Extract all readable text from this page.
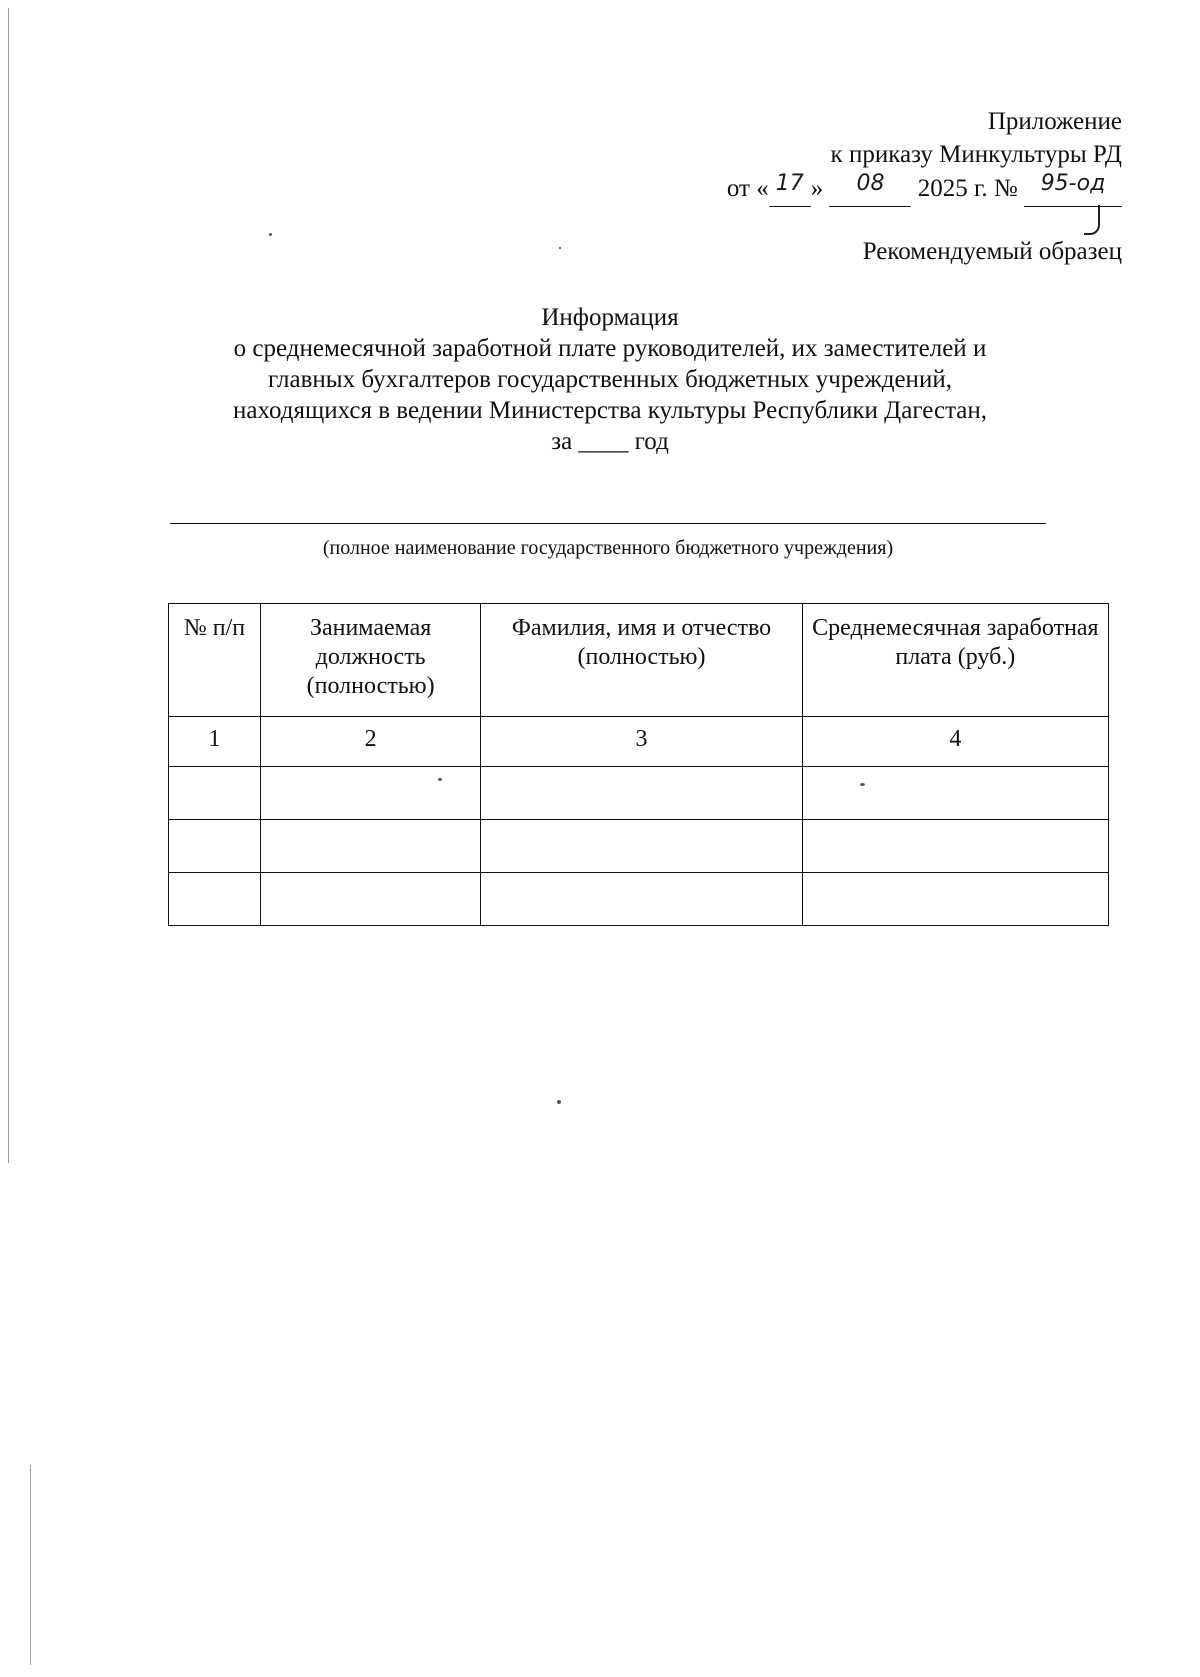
Приложение
к приказу Минкультуры РД
от « 17 » 08 2025 г. № 95-од
Рекомендуемый образец
Информация
о среднемесячной заработной плате руководителей, их заместителей и
главных бухгалтеров государственных бюджетных учреждений,
находящихся в ведении Министерства культуры Республики Дагестан,
за ____ год
(полное наименование государственного бюджетного учреждения)
№ п/п	Занимаемая должность (полностью)	Фамилия, имя и отчество (полностью)	Среднемесячная заработная плата (руб.)
1	2	3	4
